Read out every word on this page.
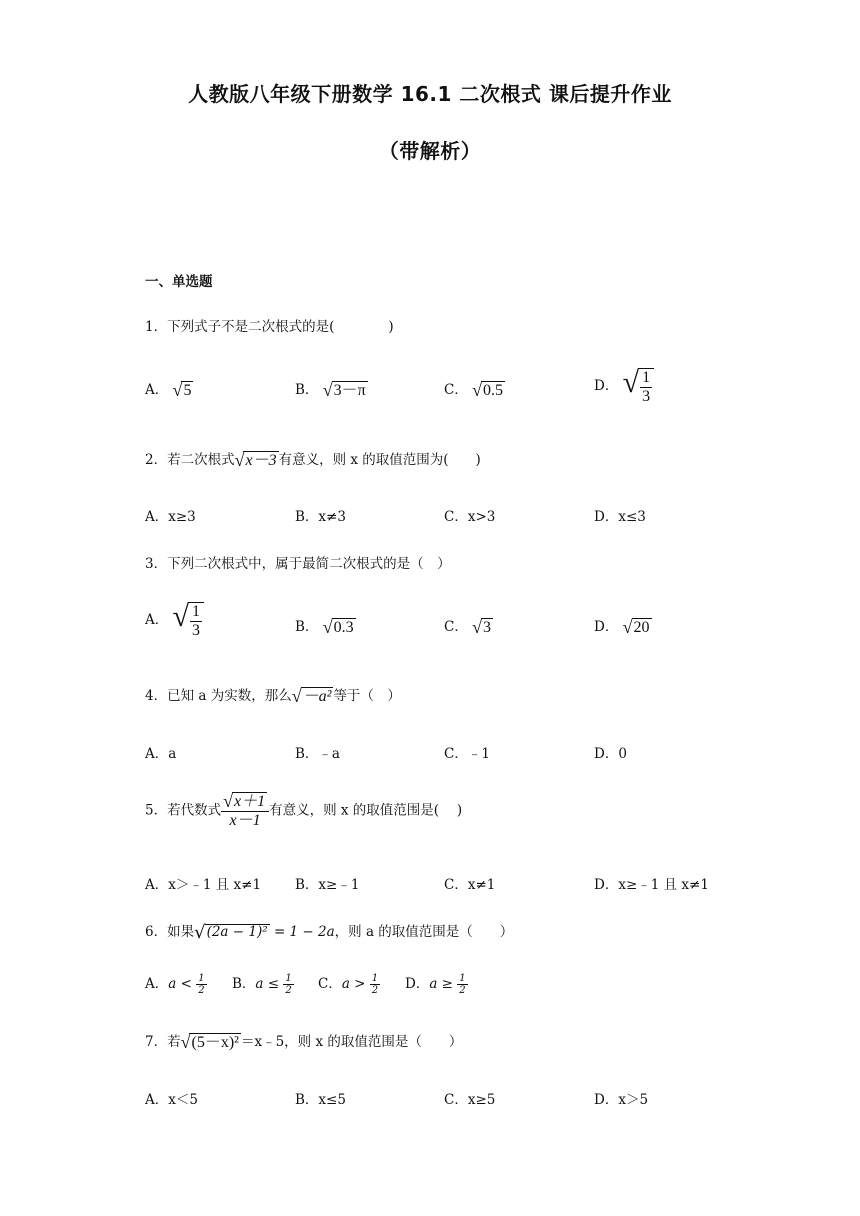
人教版八年级下册数学 16.1 二次根式 课后提升作业
（带解析）
一、单选题
1．下列式子不是二次根式的是(　　　　)
A． √ 5	B． √ 3－π	C． √ 0.5	D． √ $\frac{1}{3}$
2．若二次根式 √ x－3 有意义，则 x 的取值范围为(　　)
A．x≥3	B．x≠3	C．x>3	D．x≤3
3．下列二次根式中，属于最简二次根式的是（　）
A． √ $\frac{1}{3}$	B． √ 0.3	C． √ 3	D． √ 20
4．已知 a 为实数，那么 √ －a² 等于（　）
A．a	B．﹣a	C．﹣1	D．0
5．若代数式 $\frac{√ x+1}{x-1}$ 有意义，则 x 的取值范围是(　 )
A．x＞﹣1 且 x≠1	B．x≥﹣1	C．x≠1	D．x≥﹣1 且 x≠1
6．如果 √ (2a − 1)² = 1 − 2a，则 a 的取值范围是（　　）
A．$a < \frac{1}{2}$ B．$a \le \frac{1}{2}$ C．$a > \frac{1}{2}$ D．$a \ge \frac{1}{2}$
7．若 √ (5－x)² ＝x﹣5，则 x 的取值范围是（　　）
A．x＜5	B．x≤5	C．x≥5	D．x＞5
